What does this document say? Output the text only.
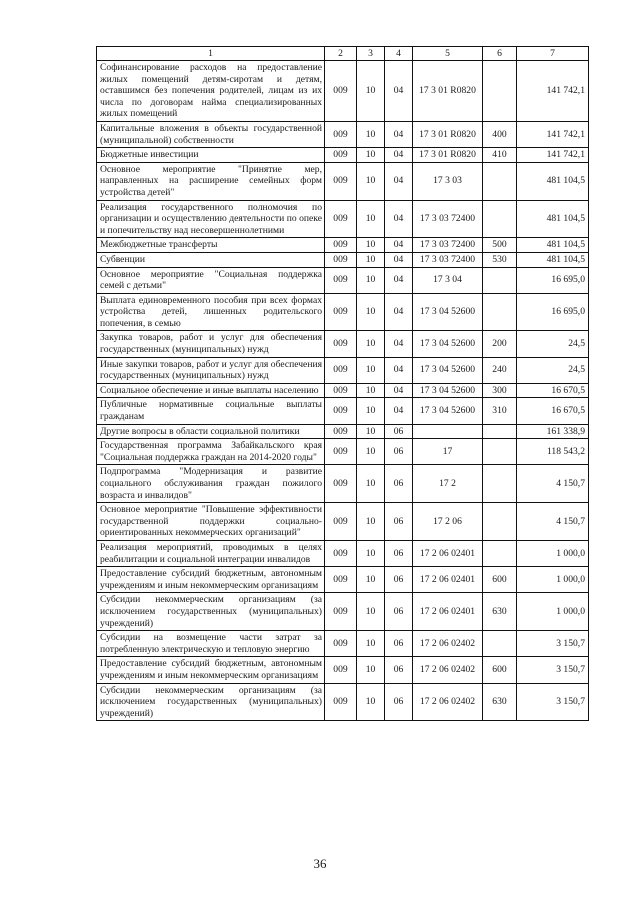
1	2	3	4	5	6	7
Софинансирование расходов на предоставление жилых помещений детям-сиротам и детям, оставшимся без попечения родителей, лицам из их числа по договорам найма специализированных жилых помещений	009	10	04	17 3 01 R0820		141 742,1
Капитальные вложения в объекты государственной (муниципальной) собственности	009	10	04	17 3 01 R0820	400	141 742,1
Бюджетные инвестиции	009	10	04	17 3 01 R0820	410	141 742,1
Основное мероприятие "Принятие мер, направленных на расширение семейных форм устройства детей"	009	10	04	17 3 03		481 104,5
Реализация государственного полномочия по организации и осуществлению деятельности по опеке и попечительству над несовершеннолетними	009	10	04	17 3 03 72400		481 104,5
Межбюджетные трансферты	009	10	04	17 3 03 72400	500	481 104,5
Субвенции	009	10	04	17 3 03 72400	530	481 104,5
Основное мероприятие "Социальная поддержка семей с детьми"	009	10	04	17 3 04		16 695,0
Выплата единовременного пособия при всех формах устройства детей, лишенных родительского попечения, в семью	009	10	04	17 3 04 52600		16 695,0
Закупка товаров, работ и услуг для обеспечения государственных (муниципальных) нужд	009	10	04	17 3 04 52600	200	24,5
Иные закупки товаров, работ и услуг для обеспечения государственных (муниципальных) нужд	009	10	04	17 3 04 52600	240	24,5
Социальное обеспечение и иные выплаты населению	009	10	04	17 3 04 52600	300	16 670,5
Публичные нормативные социальные выплаты гражданам	009	10	04	17 3 04 52600	310	16 670,5
Другие вопросы в области социальной политики	009	10	06			161 338,9
Государственная программа Забайкальского края "Социальная поддержка граждан на 2014-2020 годы"	009	10	06	17		118 543,2
Подпрограмма "Модернизация и развитие социального обслуживания граждан пожилого возраста и инвалидов"	009	10	06	17 2		4 150,7
Основное мероприятие "Повышение эффективности государственной поддержки социально-ориентированных некоммерческих организаций"	009	10	06	17 2 06		4 150,7
Реализация мероприятий, проводимых в целях реабилитации и социальной интеграции инвалидов	009	10	06	17 2 06 02401		1 000,0
Предоставление субсидий бюджетным, автономным учреждениям и иным некоммерческим организациям	009	10	06	17 2 06 02401	600	1 000,0
Субсидии некоммерческим организациям (за исключением государственных (муниципальных) учреждений)	009	10	06	17 2 06 02401	630	1 000,0
Субсидии на возмещение части затрат за потребленную электрическую и тепловую энергию	009	10	06	17 2 06 02402		3 150,7
Предоставление субсидий бюджетным, автономным учреждениям и иным некоммерческим организациям	009	10	06	17 2 06 02402	600	3 150,7
Субсидии некоммерческим организациям (за исключением государственных (муниципальных) учреждений)	009	10	06	17 2 06 02402	630	3 150,7
36
